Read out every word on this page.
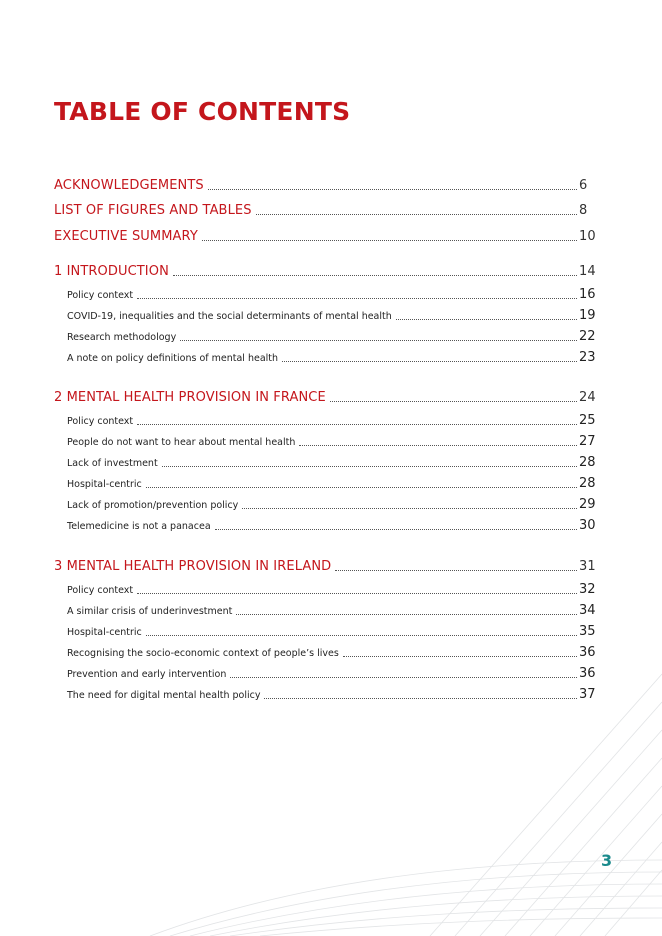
TABLE OF CONTENTS
ACKNOWLEDGEMENTS	6
LIST OF FIGURES AND TABLES	8
EXECUTIVE SUMMARY	10
1 INTRODUCTION	14
Policy context	16
COVID-19, inequalities and the social determinants of mental health	19
Research methodology	22
A note on policy definitions of mental health	23
2 MENTAL HEALTH PROVISION IN FRANCE	24
Policy context	25
People do not want to hear about mental health	27
Lack of investment	28
Hospital-centric	28
Lack of promotion/prevention policy	29
Telemedicine is not a panacea	30
3 MENTAL HEALTH PROVISION IN IRELAND	31
Policy context	32
A similar crisis of underinvestment	34
Hospital-centric	35
Recognising the socio-economic context of people’s lives	36
Prevention and early intervention	36
The need for digital mental health policy	37
3
